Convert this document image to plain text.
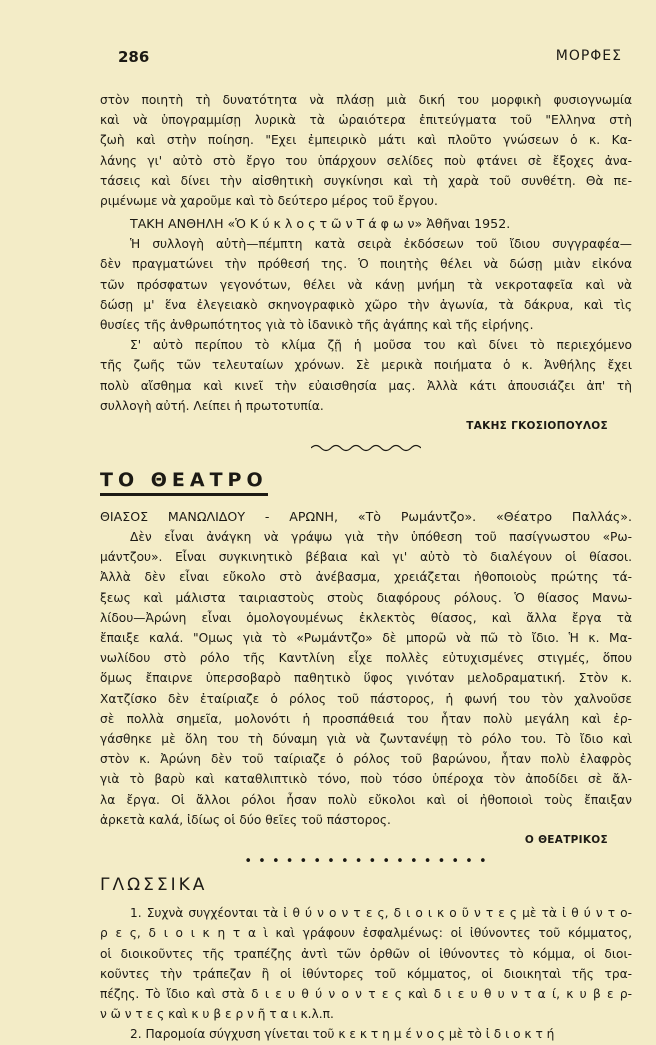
286	ΜΟΡΦΕΣ

στὸν ποιητὴ τὴ δυνατότητα νὰ πλάσῃ μιὰ δική του μορφικὴ φυσιογνωμία

καὶ νὰ ὑπογραμμίσῃ λυρικὰ τὰ ὡραιότερα ἐπιτεύγματα τοῦ "Ελληνα στὴ

ζωὴ καὶ στὴν ποίηση. "Εχει ἐμπειρικὸ μάτι καὶ πλοῦτο γνώσεων ὁ κ. Κα-

λάνης γι' αὐτὸ στὸ ἔργο του ὑπάρχουν σελίδες ποὺ φτάνει σὲ ἔξοχες ἀνα-

τάσεις καὶ δίνει τὴν αἰσθητικὴ συγκίνησι καὶ τὴ χαρὰ τοῦ συνθέτη. Θὰ πε-

ριμένωμε νὰ χαροῦμε καὶ τὸ δεύτερο μέρος τοῦ ἔργου.

ΤΑΚΗ ΑΝΘΗΛΗ «Ὁ Κ ύ κ λ ο ς τ ῶ ν Τ ά φ ω ν» Ἀθῆναι 1952.

Ἡ συλλογὴ αὐτὴ—πέμπτη κατὰ σειρὰ ἐκδόσεων τοῦ ἴδιου συγγραφέα—

δὲν πραγματώνει τὴν πρόθεσή της. Ὁ ποιητὴς θέλει νὰ δώσῃ μιὰν εἰκόνα

τῶν πρόσφατων γεγονότων, θέλει νὰ κάνῃ μνήμη τὰ νεκροταφεῖα καὶ νὰ

δώσῃ μ' ἕνα ἐλεγειακὸ σκηνογραφικὸ χῶρο τὴν ἀγωνία, τὰ δάκρυα, καὶ τὶς

θυσίες τῆς ἀνθρωπότητος γιὰ τὸ ἰδανικὸ τῆς ἀγάπης καὶ τῆς εἰρήνης.

Σ' αὐτὸ περίπου τὸ κλίμα ζῇ ἡ μοῦσα του καὶ δίνει τὸ περιεχόμενο

τῆς ζωῆς τῶν τελευταίων χρόνων. Σὲ μερικὰ ποιήματα ὁ κ. Ἀνθήλης ἔχει

πολὺ αἴσθημα καὶ κινεῖ τὴν εὐαισθησία μας. Ἀλλὰ κάτι ἀπουσιάζει ἀπ' τὴ

συλλογὴ αὐτή. Λείπει ἡ πρωτοτυπία.

ΤΑΚΗΣ ΓΚΟΣΙΟΠΟΥΛΟΣ
ΤΟ ΘΕΑΤΡΟ

ΘΙΑΣΟΣ ΜΑΝΩΛΙΔΟΥ - ΑΡΩΝΗ, «Τὸ Ρωμάντζο». «Θέατρο Παλλάς».

Δὲν εἶναι ἀνάγκη νὰ γράψω γιὰ τὴν ὑπόθεση τοῦ πασίγνωστου «Ρω-

μάντζου». Εἶναι συγκινητικὸ βέβαια καὶ γι' αὐτὸ τὸ διαλέγουν οἱ θίασοι.

Ἀλλὰ δὲν εἶναι εὔκολο στὸ ἀνέβασμα, χρειάζεται ἠθοποιοὺς πρώτης τά-

ξεως καὶ μάλιστα ταιριαστοὺς στοὺς διαφόρους ρόλους. Ὁ θίασος Μανω-

λίδου—Ἀρώνη εἶναι ὁμολογουμένως ἐκλεκτὸς θίασος, καὶ ἄλλα ἔργα τὰ

ἔπαιξε καλά. "Ομως γιὰ τὸ «Ρωμάντζο» δὲ μπορῶ νὰ πῶ τὸ ἴδιο. Ἡ κ. Μα-

νωλίδου στὸ ρόλο τῆς Καντλίνη εἶχε πολλὲς εὐτυχισμένες στιγμές, ὅπου

ὅμως ἔπαιρνε ὑπερσοβαρὸ παθητικὸ ὕφος γινόταν μελοδραματική. Στὸν κ.

Χατζίσκο δὲν ἐταίριαζε ὁ ρόλος τοῦ πάστορος, ἡ φωνή του τὸν χαλνοῦσε

σὲ πολλὰ σημεῖα, μολονότι ἡ προσπάθειά του ἦταν πολὺ μεγάλη καὶ ἐρ-

γάσθηκε μὲ ὅλη του τὴ δύναμη γιὰ νὰ ζωντανέψῃ τὸ ρόλο του. Τὸ ἴδιο καὶ

στὸν κ. Ἀρώνη δὲν τοῦ ταίριαζε ὁ ρόλος τοῦ βαρώνου, ἦταν πολὺ ἐλαφρὸς

γιὰ τὸ βαρὺ καὶ καταθλιπτικὸ τόνο, ποὺ τόσο ὑπέροχα τὸν ἀποδίδει σὲ ἄλ-

λα ἔργα. Οἱ ἄλλοι ρόλοι ἦσαν πολὺ εὔκολοι καὶ οἱ ἠθοποιοὶ τοὺς ἔπαιξαν

ἀρκετὰ καλά, ἰδίως οἱ δύο θεῖες τοῦ πάστορος.

Ο ΘΕΑΤΡΙΚΟΣ
• • • • • • • • • • • • • • • • • •
ΓΛΩΣΣΙΚΑ

1. Συχνὰ συγχέονται τὰ ἰ θ ύ ν ο ν τ ε ς, δ ι ο ι κ ο ῦ ν τ ε ς μὲ τὰ ἰ θ ύ ν τ ο-

ρ ε ς, δ ι ο ι κ η τ α ὶ καὶ γράφουν ἐσφαλμένως: οἱ ἰθύνοντες τοῦ κόμματος,

οἱ διοικοῦντες τῆς τραπέζης ἀντὶ τῶν ὀρθῶν οἱ ἰθύνοντες τὸ κόμμα, οἱ διοι-

κοῦντες τὴν τράπεζαν ἢ οἱ ἰθύντορες τοῦ κόμματος, οἱ διοικηταὶ τῆς τρα-

πέζης. Τὸ ἴδιο καὶ στὰ δ ι ε υ θ ύ ν ο ν τ ε ς καὶ δ ι ε υ θ υ ν τ α ί, κ υ β ε ρ-

ν ῶ ν τ ε ς καὶ κ υ β ε ρ ν ῆ τ α ι κ.λ.π.

2. Παρομοία σύγχυση γίνεται τοῦ κ ε κ τ η μ έ ν ο ς μὲ τὸ ἰ δ ι ο κ τ ή
